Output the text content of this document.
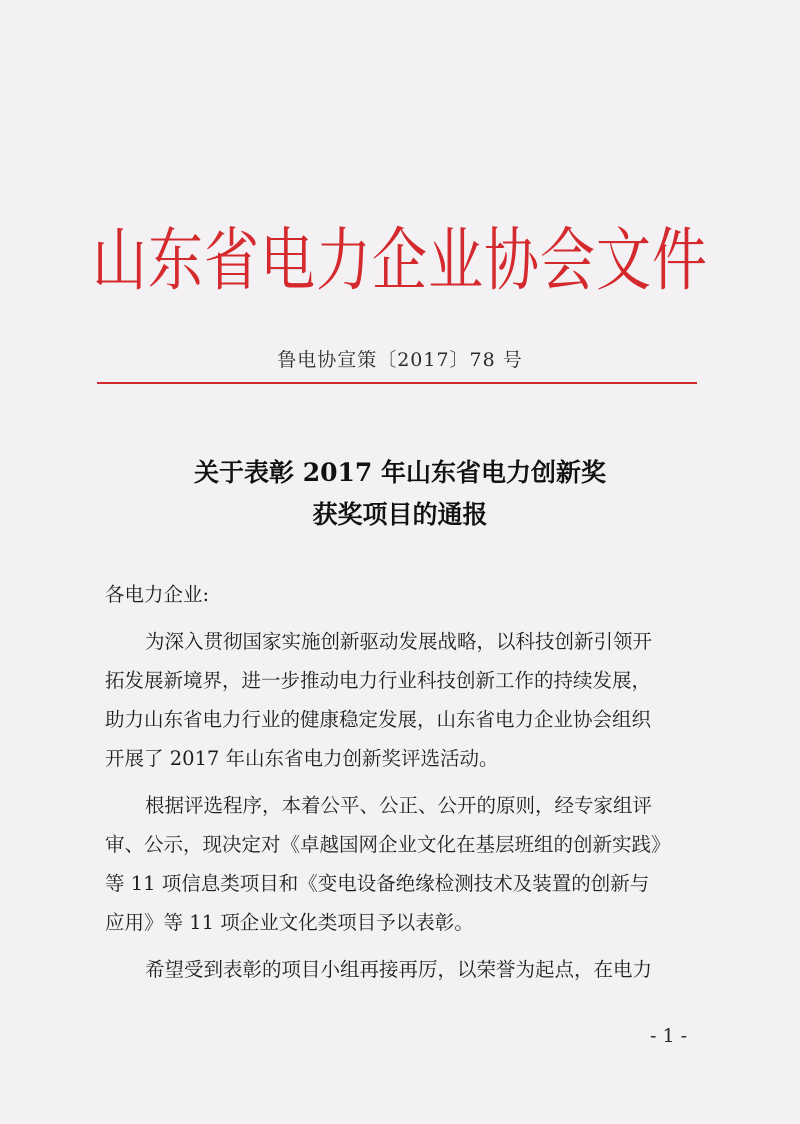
山东省电力企业协会文件
鲁电协宣策〔2017〕78 号
关于表彰 2017 年山东省电力创新奖
获奖项目的通报

各电力企业:

为深入贯彻国家实施创新驱动发展战略，以科技创新引领开

拓发展新境界，进一步推动电力行业科技创新工作的持续发展，

助力山东省电力行业的健康稳定发展，山东省电力企业协会组织

开展了 2017 年山东省电力创新奖评选活动。

根据评选程序，本着公平、公正、公开的原则，经专家组评

审、公示，现决定对《卓越国网企业文化在基层班组的创新实践》

等 11 项信息类项目和《变电设备绝缘检测技术及装置的创新与

应用》等 11 项企业文化类项目予以表彰。

希望受到表彰的项目小组再接再厉，以荣誉为起点，在电力

- 1 -
